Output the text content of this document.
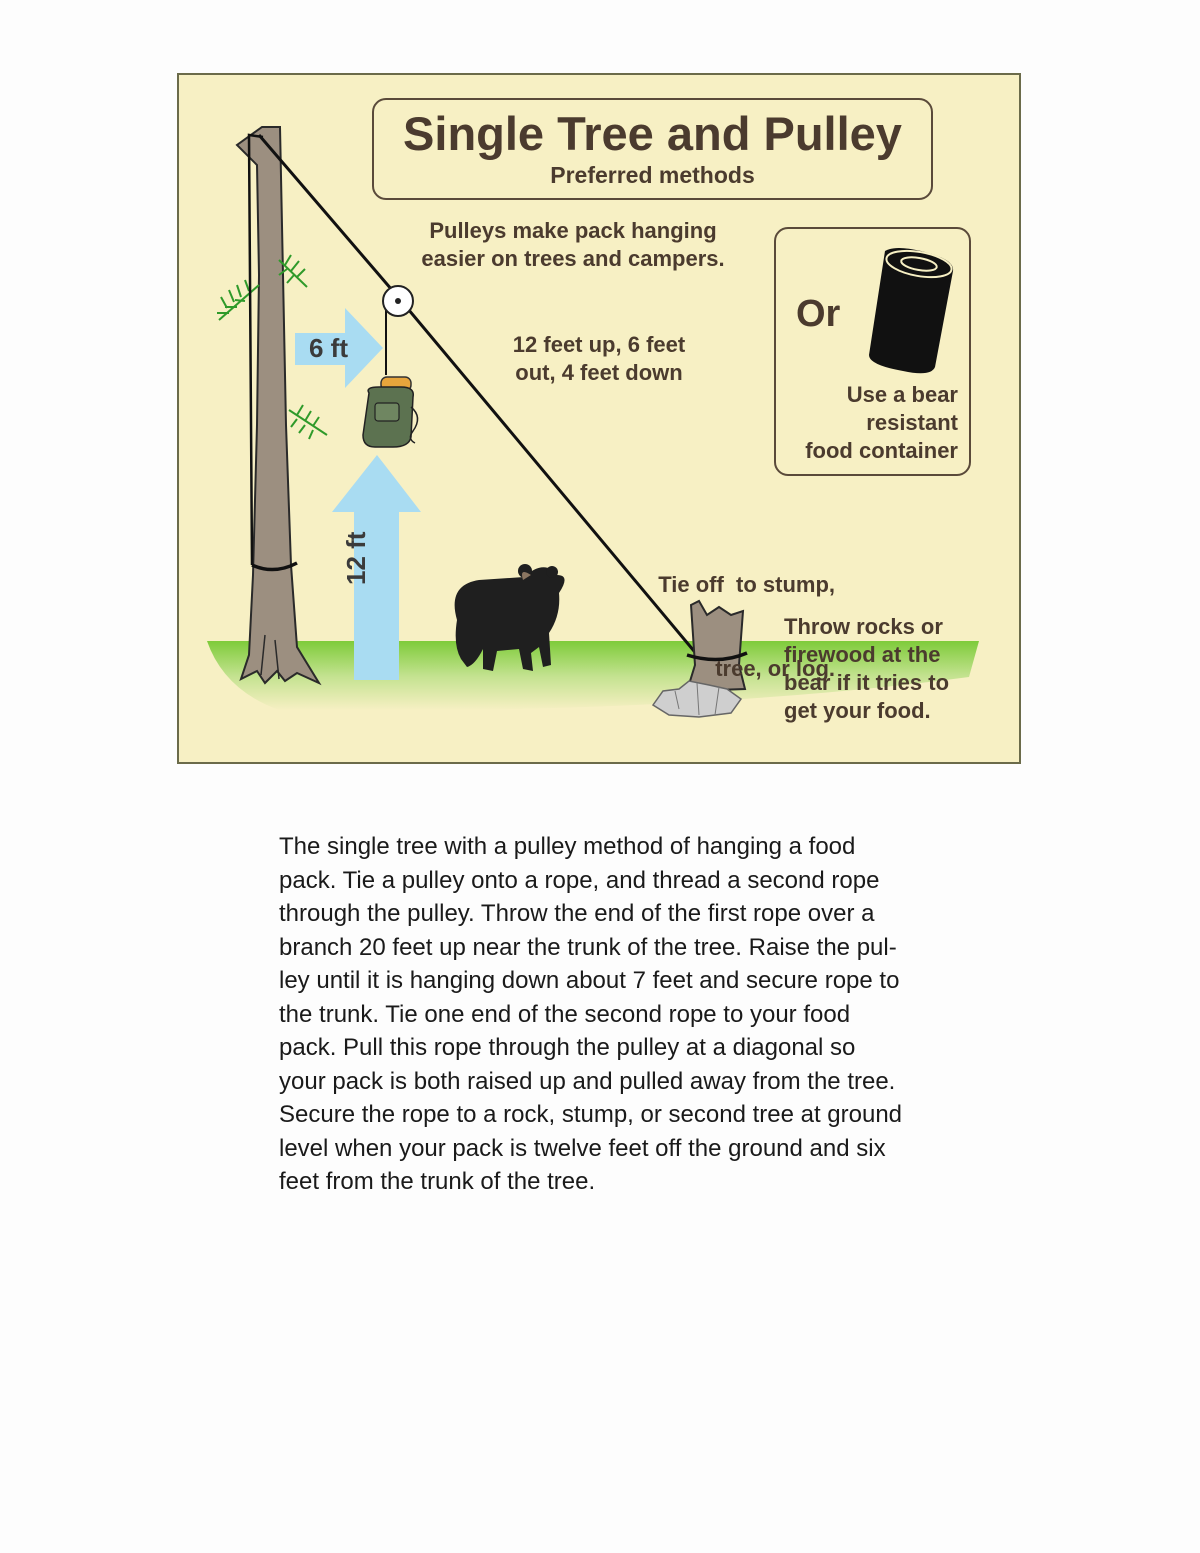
Single Tree and Pulley
Preferred methods
Pulleys make pack hanging
easier on trees and campers.
12 feet up, 6 feet
out, 4 feet down
6 ft
12 ft
Or
Use a bear
resistant
food container

Tie off  to stump,

tree, or log.

Throw rocks or
firewood at the
bear if it tries to
get your food.

The single tree with a pulley method of hanging a food

pack. Tie a pulley onto a rope, and thread a second rope

through the pulley. Throw the end of the first rope over a

branch 20 feet up near the trunk of the tree. Raise the pul-

ley until it is hanging down about 7 feet and secure rope to

the trunk. Tie one end of the second rope to your food

pack. Pull this rope through the pulley at a diagonal so

your pack is both raised up and pulled away from the tree.

Secure the rope to a rock, stump, or second tree at ground

level when your pack is twelve feet off the ground and six

feet from the trunk of the tree.
